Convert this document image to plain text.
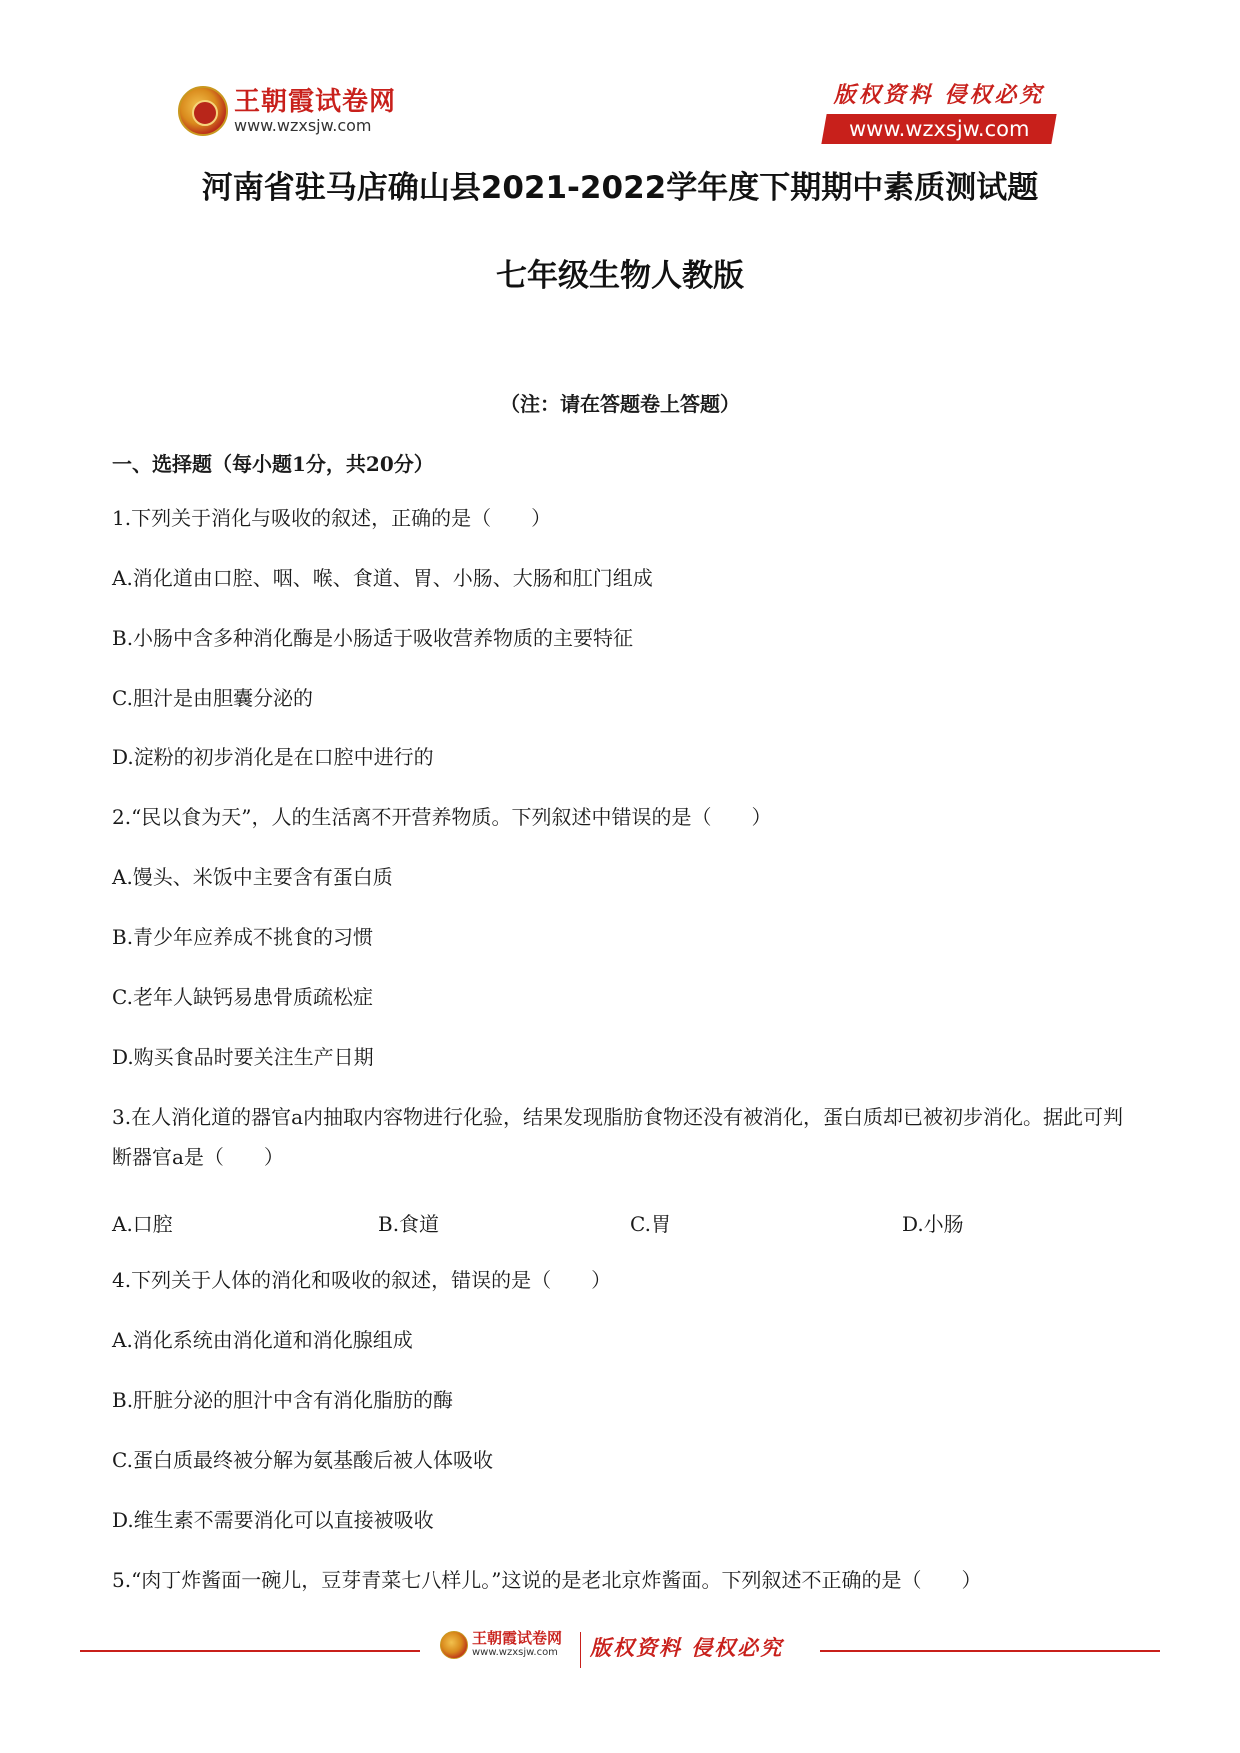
王朝霞试卷网
www.wzxsjw.com
版权资料 侵权必究
www.wzxsjw.com
河南省驻马店确山县2021-2022学年度下期期中素质测试题
七年级生物人教版
（注：请在答题卷上答题）
一、选择题（每小题1分，共20分）
1.下列关于消化与吸收的叙述，正确的是（　　）
A.消化道由口腔、咽、喉、食道、胃、小肠、大肠和肛门组成
B.小肠中含多种消化酶是小肠适于吸收营养物质的主要特征
C.胆汁是由胆囊分泌的
D.淀粉的初步消化是在口腔中进行的
2.“民以食为天”，人的生活离不开营养物质。下列叙述中错误的是（　　）
A.馒头、米饭中主要含有蛋白质
B.青少年应养成不挑食的习惯
C.老年人缺钙易患骨质疏松症
D.购买食品时要关注生产日期
3.在人消化道的器官a内抽取内容物进行化验，结果发现脂肪食物还没有被消化，蛋白质却已被初步消化。据此可判断器官a是（　　）
A.口腔	B.食道	C.胃	D.小肠
4.下列关于人体的消化和吸收的叙述，错误的是（　　）
A.消化系统由消化道和消化腺组成
B.肝脏分泌的胆汁中含有消化脂肪的酶
C.蛋白质最终被分解为氨基酸后被人体吸收
D.维生素不需要消化可以直接被吸收
5.“肉丁炸酱面一碗儿，豆芽青菜七八样儿。”这说的是老北京炸酱面。下列叙述不正确的是（　　）
王朝霞试卷网
www.wzxsjw.com 版权资料 侵权必究
